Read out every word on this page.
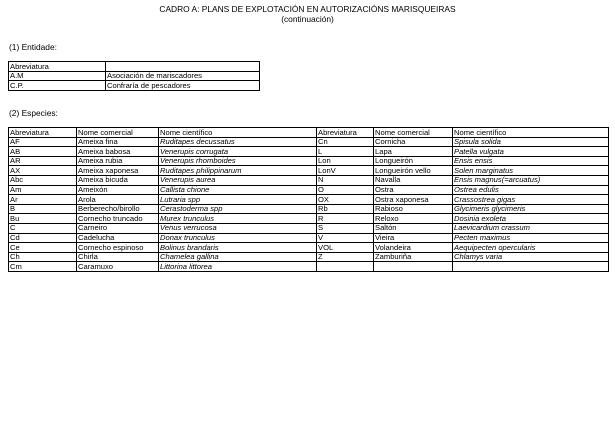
CADRO A: PLANS DE EXPLOTACIÓN EN AUTORIZACIÓNS MARISQUEIRAS
(continuación)
(1) Entidade:
Abreviatura	
A.M	Asociación de mariscadores
C.P.	Confraría de pescadores
(2) Especies:
Abreviatura	Nome comercial	Nome científico	Abreviatura	Nome comercial	Nome científico
AF	Ameixa fina	Ruditapes decussatus	Cn	Cornicha	Spisula solida
AB	Ameixa babosa	Venerupis corrugata	L	Lapa	Patella vulgata
AR	Ameixa rubia	Venerupis rhomboides	Lon	Longueirón	Ensis ensis
AX	Ameixa xaponesa	Ruditapes philippinarum	LonV	Longueirón vello	Solen marginatus
Abc	Ameixa bicuda	Venerupis aurea	N	Navalla	Ensis magnus(=arcuatus)
Am	Ameixón	Callista chione	O	Ostra	Ostrea edulis
Ar	Arola	Lutraria spp	OX	Ostra xaponesa	Crassostrea gigas
B	Berberecho/birollo	Cerastoderma spp	Rb	Rabioso	Glycimeris glycimeris
Bu	Cornecho truncado	Murex trunculus	R	Reloxo	Dosinia exoleta
C	Carneiro	Venus verrucosa	S	Saltón	Laevicardium crassum
Cd	Cadelucha	Donax trunculus	V	Vieira	Pecten maximus
Ce	Cornecho espinoso	Bolinus brandaris	VOL	Volandeira	Aequipecten opercularis
Ch	Chirla	Chamelea gallina	Z	Zamburiña	Chlamys varia
Cm	Caramuxo	Littorina littorea			
